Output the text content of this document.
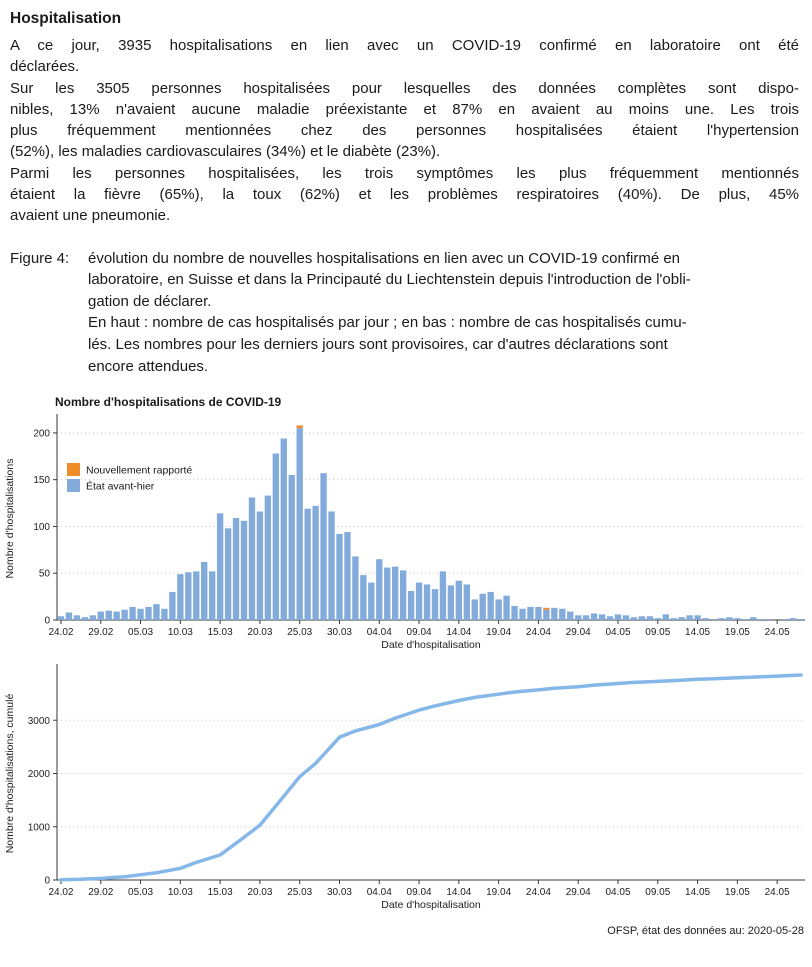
Hospitalisation
A ce jour, 3935 hospitalisations en lien avec un COVID-19 confirmé en laboratoire ont été
déclarées.
Sur les 3505 personnes hospitalisées pour lesquelles des données complètes sont dispo-
nibles, 13% n'avaient aucune maladie préexistante et 87% en avaient au moins une. Les trois
plus fréquemment mentionnées chez des personnes hospitalisées étaient l'hypertension
(52%), les maladies cardiovasculaires (34%) et le diabète (23%).
Parmi les personnes hospitalisées, les trois symptômes les plus fréquemment mentionnés
étaient la fièvre (65%), la toux (62%) et les problèmes respiratoires (40%). De plus, 45%
avaient une pneumonie.
Figure 4:	évolution du nombre de nouvelles hospitalisations en lien avec un COVID-19 confirmé en
laboratoire, en Suisse et dans la Principauté du Liechtenstein depuis l'introduction de l'obli-
gation de déclarer.
En haut : nombre de cas hospitalisés par jour ; en bas : nombre de cas hospitalisés cumu-
lés. Les nombres pour les derniers jours sont provisoires, car d'autres déclarations sont
encore attendues.
Nombre d'hospitalisations de COVID-19
0
50
100
150
200
24.02 29.02 05.03 10.03 15.03 20.03 25.03 30.03 04.04 09.04 14.04 19.04 24.04 29.04 04.05 09.05 14.05 19.05 24.05
Date d'hospitalisation
Nombre d'hospitalisations	Nouvellement rapporté
État avant-hier
0
1000
2000
3000
24.02 29.02 05.03 10.03 15.03 20.03 25.03 30.03 04.04 09.04 14.04 19.04 24.04 29.04 04.05 09.05 14.05 19.05 24.05
Date d'hospitalisation
Nombre d'hospitalisations, cumulé
OFSP, état des données au: 2020-05-28
